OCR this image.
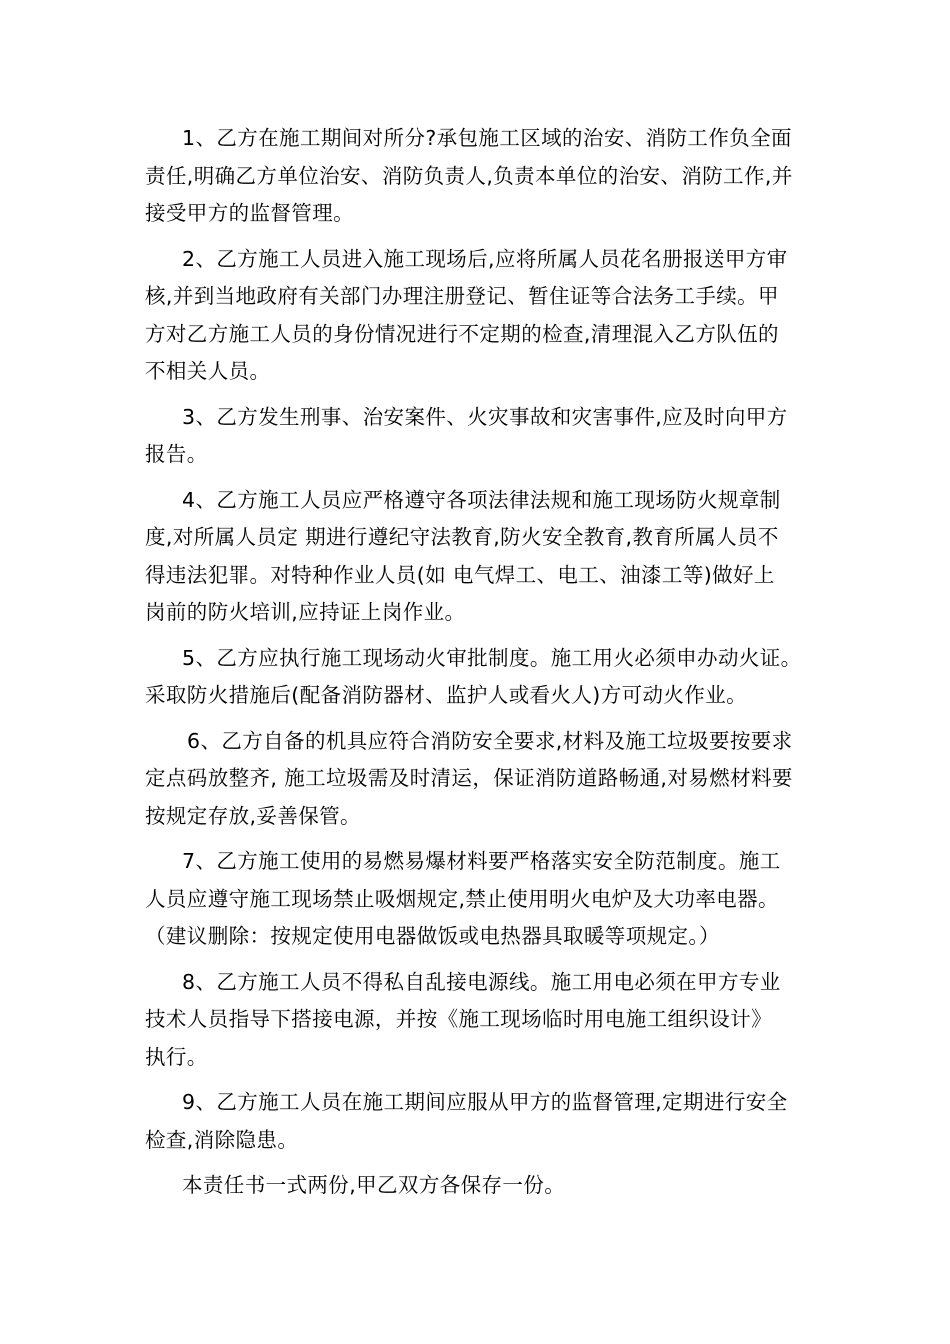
1、乙方在施工期间对所分?承包施工区域的治安、消防工作负全面
责任,明确乙方单位治安、消防负责人,负责本单位的治安、消防工作,并
接受甲方的监督管理。

2、乙方施工人员进入施工现场后,应将所属人员花名册报送甲方审
核,并到当地政府有关部门办理注册登记、暂住证等合法务工手续。甲
方对乙方施工人员的身份情况进行不定期的检查,清理混入乙方队伍的
不相关人员。

3、乙方发生刑事、治安案件、火灾事故和灾害事件,应及时向甲方
报告。

4、乙方施工人员应严格遵守各项法律法规和施工现场防火规章制
度,对所属人员定 期进行遵纪守法教育,防火安全教育,教育所属人员不
得违法犯罪。对特种作业人员(如 电气焊工、电工、油漆工等)做好上
岗前的防火培训,应持证上岗作业。

5、乙方应执行施工现场动火审批制度。施工用火必须申办动火证。
采取防火措施后(配备消防器材、监护人或看火人)方可动火作业。

6、乙方自备的机具应符合消防安全要求,材料及施工垃圾要按要求
定点码放整齐, 施工垃圾需及时清运，保证消防道路畅通,对易燃材料要
按规定存放,妥善保管。

7、乙方施工使用的易燃易爆材料要严格落实安全防范制度。施工
人员应遵守施工现场禁止吸烟规定,禁止使用明火电炉及大功率电器。
（建议删除：按规定使用电器做饭或电热器具取暖等项规定。）

8、乙方施工人员不得私自乱接电源线。施工用电必须在甲方专业
技术人员指导下搭接电源，并按《施工现场临时用电施工组织设计》
执行。

9、乙方施工人员在施工期间应服从甲方的监督管理,定期进行安全
检查,消除隐患。

本责任书一式两份,甲乙双方各保存一份。
